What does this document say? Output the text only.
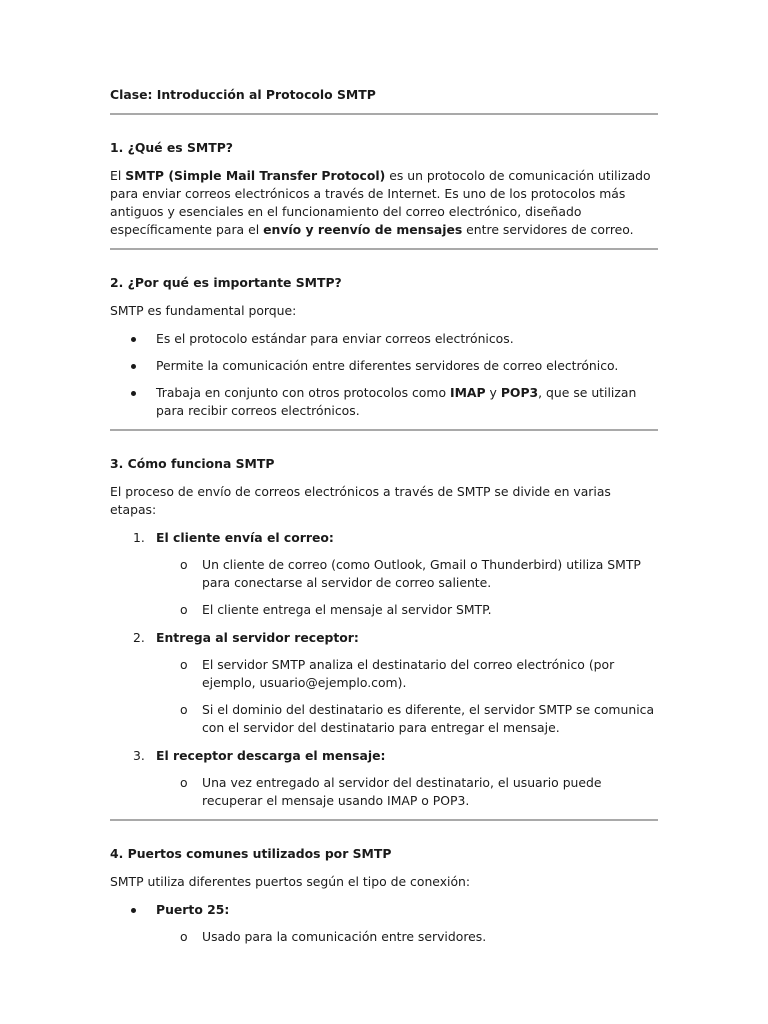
Clase: Introducción al Protocolo SMTP

1. ¿Qué es SMTP?

El SMTP (Simple Mail Transfer Protocol) es un protocolo de comunicación utilizado para enviar correos electrónicos a través de Internet. Es uno de los protocolos más antiguos y esenciales en el funcionamiento del correo electrónico, diseñado específicamente para el envío y reenvío de mensajes entre servidores de correo.

2. ¿Por qué es importante SMTP?

SMTP es fundamental porque:

Es el protocolo estándar para enviar correos electrónicos.
Permite la comunicación entre diferentes servidores de correo electrónico.
Trabaja en conjunto con otros protocolos como IMAP y POP3, que se utilizan para recibir correos electrónicos.

3. Cómo funciona SMTP

El proceso de envío de correos electrónicos a través de SMTP se divide en varias etapas:

1. El cliente envía el correo:
o Un cliente de correo (como Outlook, Gmail o Thunderbird) utiliza SMTP para conectarse al servidor de correo saliente.
o El cliente entrega el mensaje al servidor SMTP.
2. Entrega al servidor receptor:
o El servidor SMTP analiza el destinatario del correo electrónico (por ejemplo, usuario@ejemplo.com).
o Si el dominio del destinatario es diferente, el servidor SMTP se comunica con el servidor del destinatario para entregar el mensaje.
3. El receptor descarga el mensaje:
o Una vez entregado al servidor del destinatario, el usuario puede recuperar el mensaje usando IMAP o POP3.

4. Puertos comunes utilizados por SMTP

SMTP utiliza diferentes puertos según el tipo de conexión:

Puerto 25:
o Usado para la comunicación entre servidores.
